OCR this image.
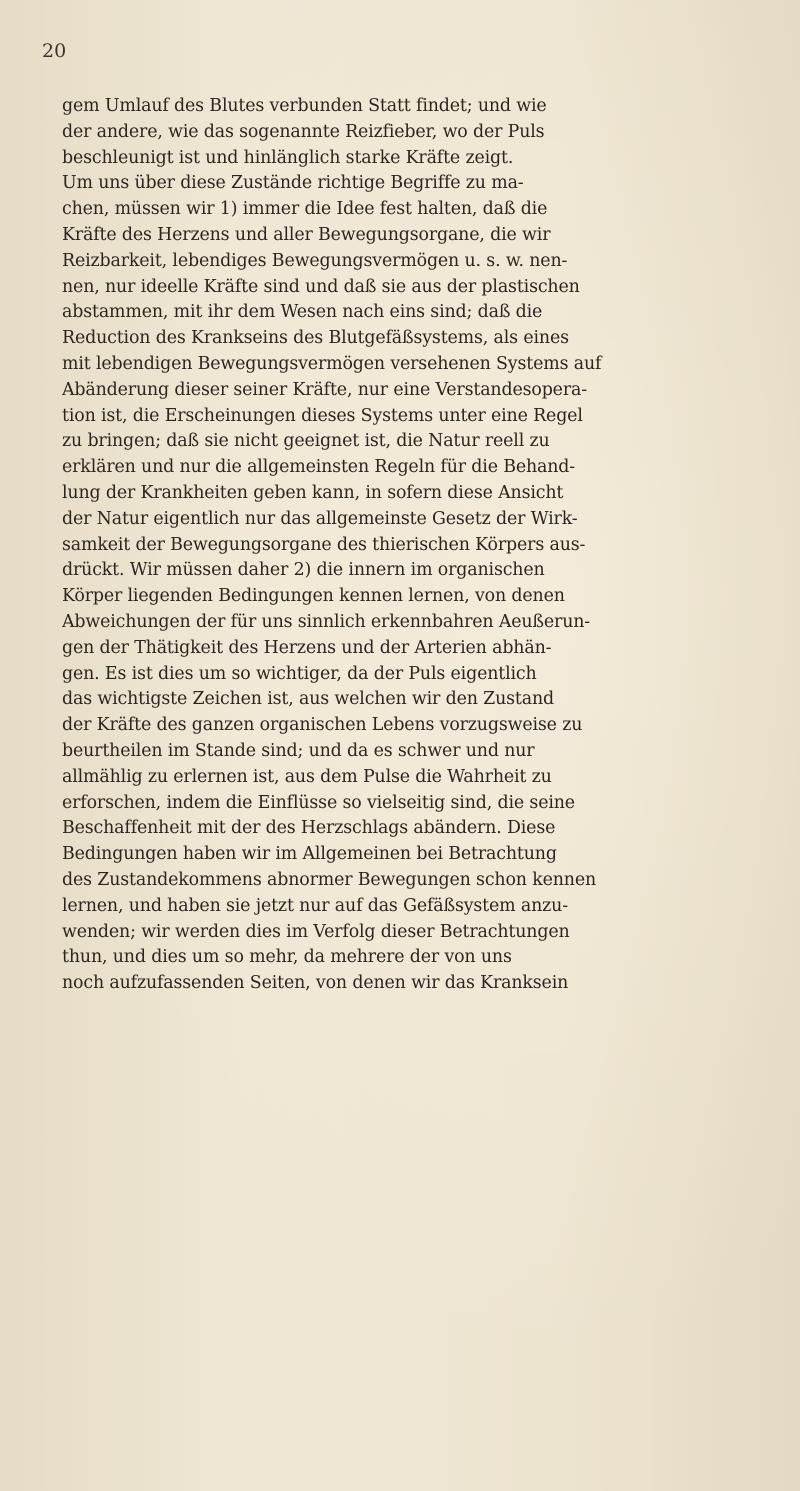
20
gem Umlauf des Blutes verbunden Statt findet; und wie
der andere, wie das sogenannte Reizfieber, wo der Puls
beschleunigt ist und hinlänglich starke Kräfte zeigt.
Um uns über diese Zustände richtige Begriffe zu ma-
chen, müssen wir 1) immer die Idee fest halten, daß die
Kräfte des Herzens und aller Bewegungsorgane, die wir
Reizbarkeit, lebendiges Bewegungsvermögen u. s. w. nen-
nen, nur ideelle Kräfte sind und daß sie aus der plastischen
abstammen, mit ihr dem Wesen nach eins sind; daß die
Reduction des Krankseins des Blutgefäßsystems, als eines
mit lebendigen Bewegungsvermögen versehenen Systems auf
Abänderung dieser seiner Kräfte, nur eine Verstandesopera-
tion ist, die Erscheinungen dieses Systems unter eine Regel
zu bringen; daß sie nicht geeignet ist, die Natur reell zu
erklären und nur die allgemeinsten Regeln für die Behand-
lung der Krankheiten geben kann, in sofern diese Ansicht
der Natur eigentlich nur das allgemeinste Gesetz der Wirk-
samkeit der Bewegungsorgane des thierischen Körpers aus-
drückt. Wir müssen daher 2) die innern im organischen
Körper liegenden Bedingungen kennen lernen, von denen
Abweichungen der für uns sinnlich erkennbahren Aeußerun-
gen der Thätigkeit des Herzens und der Arterien abhän-
gen. Es ist dies um so wichtiger, da der Puls eigentlich
das wichtigste Zeichen ist, aus welchen wir den Zustand
der Kräfte des ganzen organischen Lebens vorzugsweise zu
beurtheilen im Stande sind; und da es schwer und nur
allmählig zu erlernen ist, aus dem Pulse die Wahrheit zu
erforschen, indem die Einflüsse so vielseitig sind, die seine
Beschaffenheit mit der des Herzschlags abändern. Diese
Bedingungen haben wir im Allgemeinen bei Betrachtung
des Zustandekommens abnormer Bewegungen schon kennen
lernen, und haben sie jetzt nur auf das Gefäßsystem anzu-
wenden; wir werden dies im Verfolg dieser Betrachtungen
thun, und dies um so mehr, da mehrere der von uns
noch aufzufassenden Seiten, von denen wir das Kranksein
